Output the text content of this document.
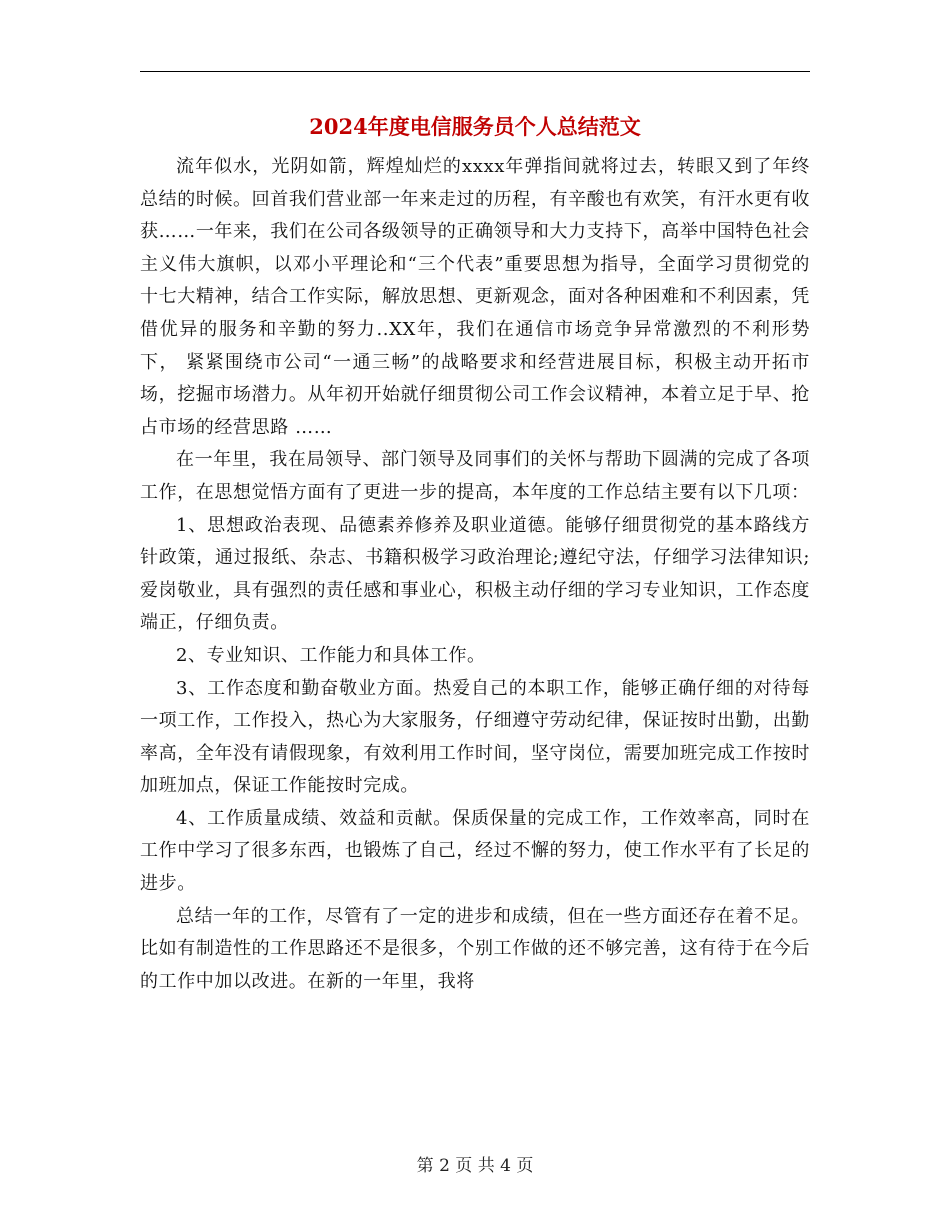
2024年度电信服务员个人总结范文

流年似水，光阴如箭，辉煌灿烂的xxxx年弹指间就将过去，转眼又到了年终总结的时候。回首我们营业部一年来走过的历程，有辛酸也有欢笑，有汗水更有收获……一年来，我们在公司各级领导的正确领导和大力支持下，高举中国特色社会主义伟大旗帜，以邓小平理论和“三个代表”重要思想为指导，全面学习贯彻党的十七大精神，结合工作实际，解放思想、更新观念，面对各种困难和不利因素，凭借优异的服务和辛勤的努力..XX年，我们在通信市场竞争异常激烈的不利形势下， 紧紧围绕市公司“一通三畅”的战略要求和经营进展目标，积极主动开拓市场，挖掘市场潜力。从年初开始就仔细贯彻公司工作会议精神，本着立足于早、抢占市场的经营思路 ……

在一年里，我在局领导、部门领导及同事们的关怀与帮助下圆满的完成了各项工作，在思想觉悟方面有了更进一步的提高，本年度的工作总结主要有以下几项：

1、思想政治表现、品德素养修养及职业道德。能够仔细贯彻党的基本路线方针政策，通过报纸、杂志、书籍积极学习政治理论;遵纪守法，仔细学习法律知识;爱岗敬业，具有强烈的责任感和事业心，积极主动仔细的学习专业知识，工作态度端正，仔细负责。

2、专业知识、工作能力和具体工作。

3、工作态度和勤奋敬业方面。热爱自己的本职工作，能够正确仔细的对待每一项工作，工作投入，热心为大家服务，仔细遵守劳动纪律，保证按时出勤，出勤率高，全年没有请假现象，有效利用工作时间，坚守岗位，需要加班完成工作按时加班加点，保证工作能按时完成。

4、工作质量成绩、效益和贡献。保质保量的完成工作，工作效率高，同时在工作中学习了很多东西，也锻炼了自己，经过不懈的努力，使工作水平有了长足的进步。

总结一年的工作，尽管有了一定的进步和成绩，但在一些方面还存在着不足。比如有制造性的工作思路还不是很多，个别工作做的还不够完善，这有待于在今后的工作中加以改进。在新的一年里，我将

第 2 页 共 4 页
